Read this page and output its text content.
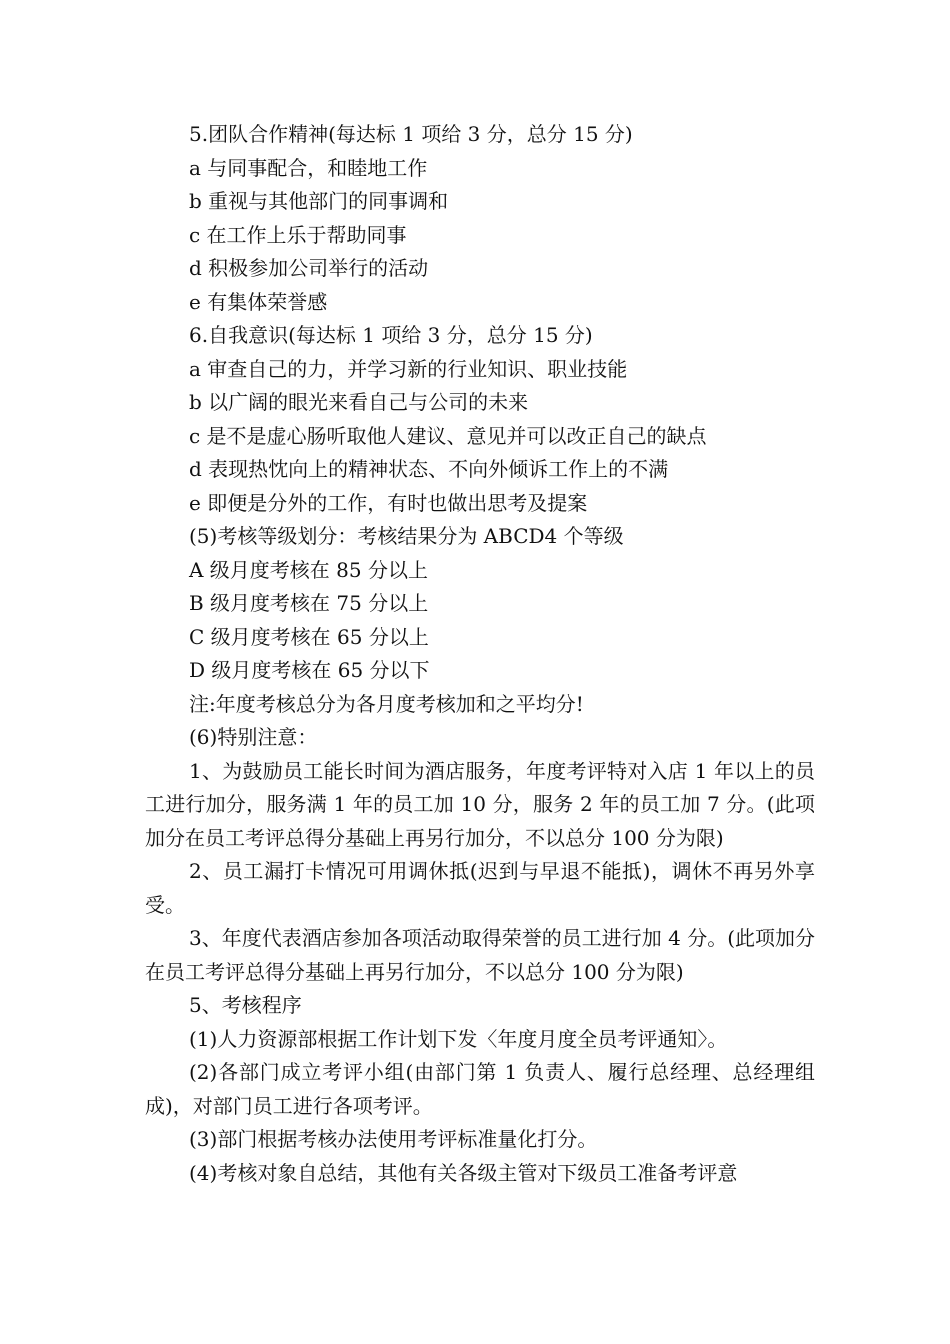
5.团队合作精神(每达标 1 项给 3 分，总分 15 分)

a 与同事配合，和睦地工作

b 重视与其他部门的同事调和

c 在工作上乐于帮助同事

d 积极参加公司举行的活动

e 有集体荣誉感

6.自我意识(每达标 1 项给 3 分，总分 15 分)

a 审查自己的力，并学习新的行业知识、职业技能

b 以广阔的眼光来看自己与公司的未来

c 是不是虚心肠听取他人建议、意见并可以改正自己的缺点

d 表现热忱向上的精神状态、不向外倾诉工作上的不满

e 即便是分外的工作，有时也做出思考及提案

(5)考核等级划分：考核结果分为 ABCD4 个等级

A 级月度考核在 85 分以上

B 级月度考核在 75 分以上

C 级月度考核在 65 分以上

D 级月度考核在 65 分以下

注:年度考核总分为各月度考核加和之平均分!

(6)特别注意：

1、为鼓励员工能长时间为酒店服务，年度考评特对入店 1 年以上的员工进行加分，服务满 1 年的员工加 10 分，服务 2 年的员工加 7 分。(此项加分在员工考评总得分基础上再另行加分，不以总分 100 分为限)

2、员工漏打卡情况可用调休抵(迟到与早退不能抵)，调休不再另外享受。

3、年度代表酒店参加各项活动取得荣誉的员工进行加 4 分。(此项加分在员工考评总得分基础上再另行加分，不以总分 100 分为限)

5、考核程序

(1)人力资源部根据工作计划下发〈年度月度全员考评通知〉。

(2)各部门成立考评小组(由部门第 1 负责人、履行总经理、总经理组成)，对部门员工进行各项考评。

(3)部门根据考核办法使用考评标准量化打分。

(4)考核对象自总结，其他有关各级主管对下级员工准备考评意
